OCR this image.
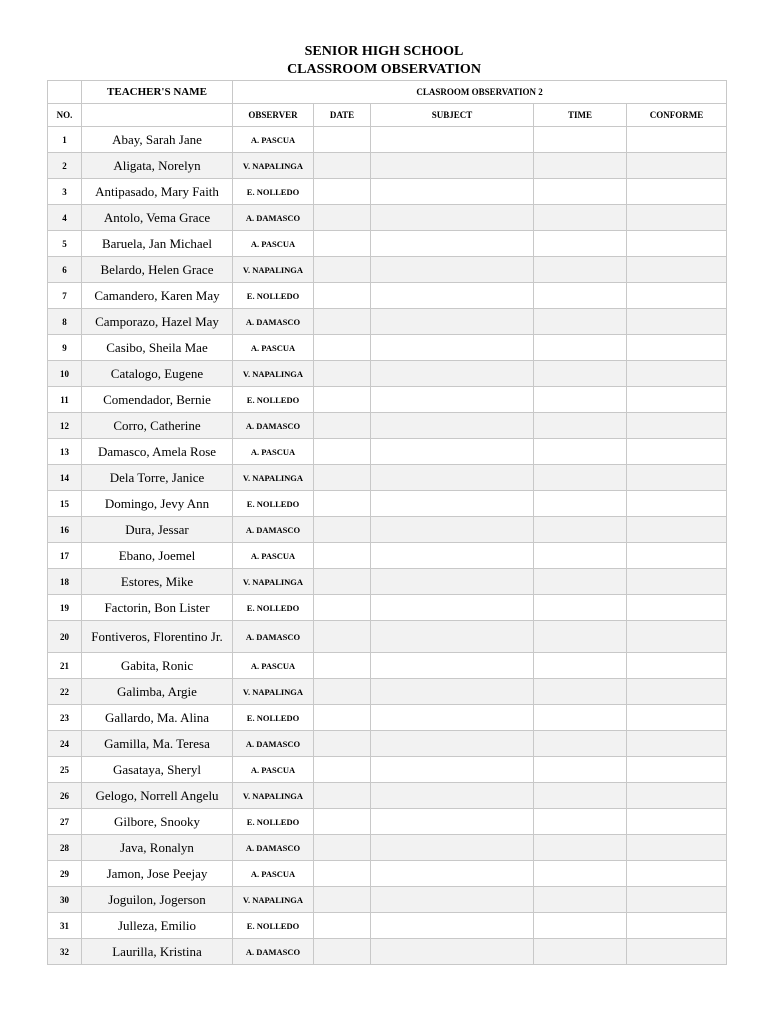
SENIOR HIGH SCHOOL
CLASSROOM OBSERVATION
	TEACHER'S NAME	CLASROOM OBSERVATION 2				
NO.		OBSERVER	DATE	SUBJECT	TIME	CONFORME
1	Abay, Sarah Jane	A. PASCUA				
2	Aligata, Norelyn	V. NAPALINGA				
3	Antipasado, Mary Faith	E. NOLLEDO				
4	Antolo, Vema Grace	A. DAMASCO				
5	Baruela, Jan Michael	A. PASCUA				
6	Belardo, Helen Grace	V. NAPALINGA				
7	Camandero, Karen May	E. NOLLEDO				
8	Camporazo, Hazel May	A. DAMASCO				
9	Casibo, Sheila Mae	A. PASCUA				
10	Catalogo, Eugene	V. NAPALINGA				
11	Comendador, Bernie	E. NOLLEDO				
12	Corro, Catherine	A. DAMASCO				
13	Damasco, Amela Rose	A. PASCUA				
14	Dela Torre, Janice	V. NAPALINGA				
15	Domingo, Jevy Ann	E. NOLLEDO				
16	Dura, Jessar	A. DAMASCO				
17	Ebano, Joemel	A. PASCUA				
18	Estores, Mike	V. NAPALINGA				
19	Factorin, Bon Lister	E. NOLLEDO				
20	Fontiveros, Florentino Jr.	A. DAMASCO				
21	Gabita, Ronic	A. PASCUA				
22	Galimba, Argie	V. NAPALINGA				
23	Gallardo, Ma. Alina	E. NOLLEDO				
24	Gamilla, Ma. Teresa	A. DAMASCO				
25	Gasataya, Sheryl	A. PASCUA				
26	Gelogo, Norrell Angelu	V. NAPALINGA				
27	Gilbore, Snooky	E. NOLLEDO				
28	Java, Ronalyn	A. DAMASCO				
29	Jamon, Jose Peejay	A. PASCUA				
30	Joguilon, Jogerson	V. NAPALINGA				
31	Julleza, Emilio	E. NOLLEDO				
32	Laurilla, Kristina	A. DAMASCO				
